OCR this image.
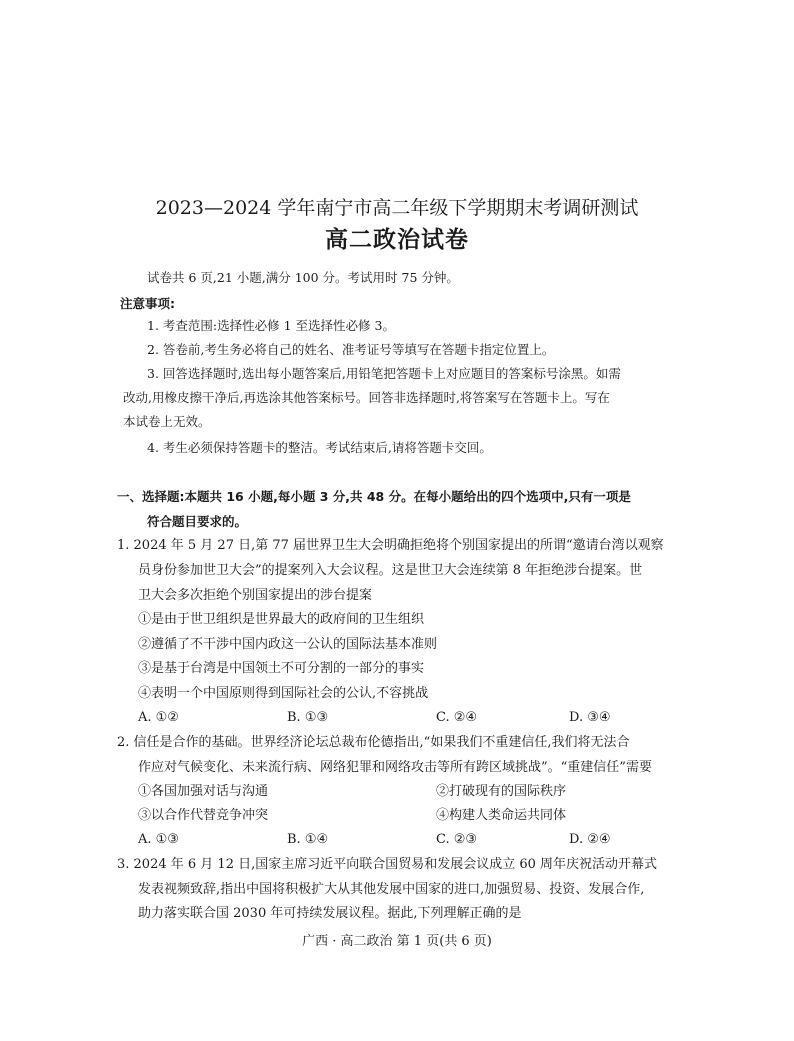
2023—2024 学年南宁市高二年级下学期期末考调研测试
高二政治试卷
试卷共 6 页,21 小题,满分 100 分。考试用时 75 分钟。
注意事项:
1. 考查范围:选择性必修 1 至选择性必修 3。
2. 答卷前,考生务必将自己的姓名、准考证号等填写在答题卡指定位置上。
3. 回答选择题时,选出每小题答案后,用铅笔把答题卡上对应题目的答案标号涂黑。如需
改动,用橡皮擦干净后,再选涂其他答案标号。回答非选择题时,将答案写在答题卡上。写在
本试卷上无效。
4. 考生必须保持答题卡的整洁。考试结束后,请将答题卡交回。
一、选择题:本题共 16 小题,每小题 3 分,共 48 分。在每小题给出的四个选项中,只有一项是
符合题目要求的。
1. 2024 年 5 月 27 日,第 77 届世界卫生大会明确拒绝将个别国家提出的所谓“邀请台湾以观察
员身份参加世卫大会”的提案列入大会议程。这是世卫大会连续第 8 年拒绝涉台提案。世
卫大会多次拒绝个别国家提出的涉台提案
①是由于世卫组织是世界最大的政府间的卫生组织
②遵循了不干涉中国内政这一公认的国际法基本准则
③是基于台湾是中国领土不可分割的一部分的事实
④表明一个中国原则得到国际社会的公认,不容挑战
A. ①②	B. ①③	C. ②④	D. ③④
2. 信任是合作的基础。世界经济论坛总裁布伦德指出,“如果我们不重建信任,我们将无法合
作应对气候变化、未来流行病、网络犯罪和网络攻击等所有跨区域挑战”。“重建信任”需要
①各国加强对话与沟通	②打破现有的国际秩序
③以合作代替竞争冲突	④构建人类命运共同体
A. ①③	B. ①④	C. ②③	D. ②④
3. 2024 年 6 月 12 日,国家主席习近平向联合国贸易和发展会议成立 60 周年庆祝活动开幕式
发表视频致辞,指出中国将积极扩大从其他发展中国家的进口,加强贸易、投资、发展合作,
助力落实联合国 2030 年可持续发展议程。据此,下列理解正确的是
广西 · 高二政治 第 1 页(共 6 页)
